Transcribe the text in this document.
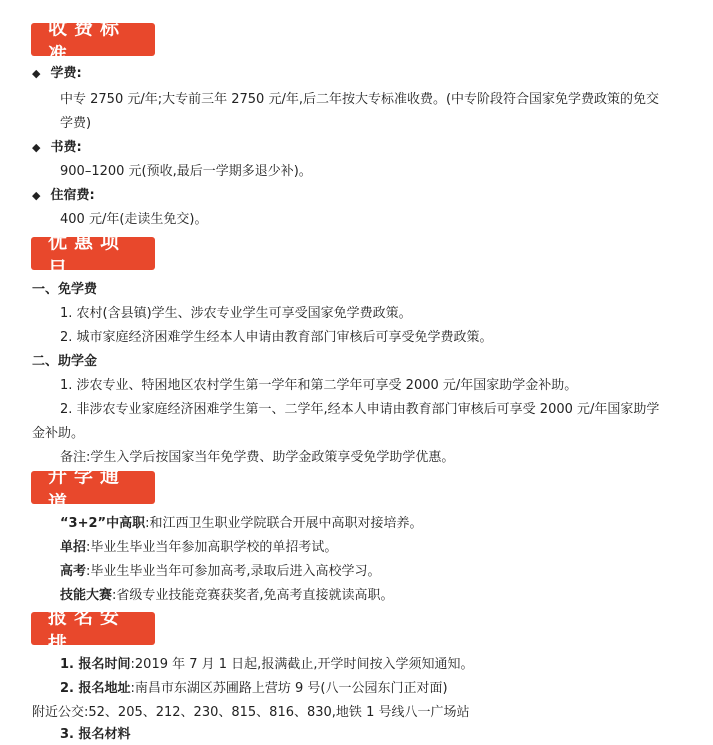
收费标准
◆ 学费:
中专 2750 元/年;大专前三年 2750 元/年,后二年按大专标准收费。(中专阶段符合国家免学费政策的免交
学费)
◆ 书费:
900–1200 元(预收,最后一学期多退少补)。
◆ 住宿费:
400 元/年(走读生免交)。
优惠项目
一、免学费
1. 农村(含县镇)学生、涉农专业学生可享受国家免学费政策。
2. 城市家庭经济困难学生经本人申请由教育部门审核后可享受免学费政策。
二、助学金
1. 涉农专业、特困地区农村学生第一学年和第二学年可享受 2000 元/年国家助学金补助。
2. 非涉农专业家庭经济困难学生第一、二学年,经本人申请由教育部门审核后可享受 2000 元/年国家助学
金补助。
备注:学生入学后按国家当年免学费、助学金政策享受免学助学优惠。
升学通道
“3+2”中高职:和江西卫生职业学院联合开展中高职对接培养。
单招:毕业生毕业当年参加高职学校的单招考试。
高考:毕业生毕业当年可参加高考,录取后进入高校学习。
技能大赛:省级专业技能竞赛获奖者,免高考直接就读高职。
报名安排
1. 报名时间:2019 年 7 月 1 日起,报满截止,开学时间按入学须知通知。
2. 报名地址:南昌市东湖区苏圃路上营坊 9 号(八一公园东门正对面)
附近公交:52、205、212、230、815、816、830,地铁 1 号线八一广场站
3. 报名材料
